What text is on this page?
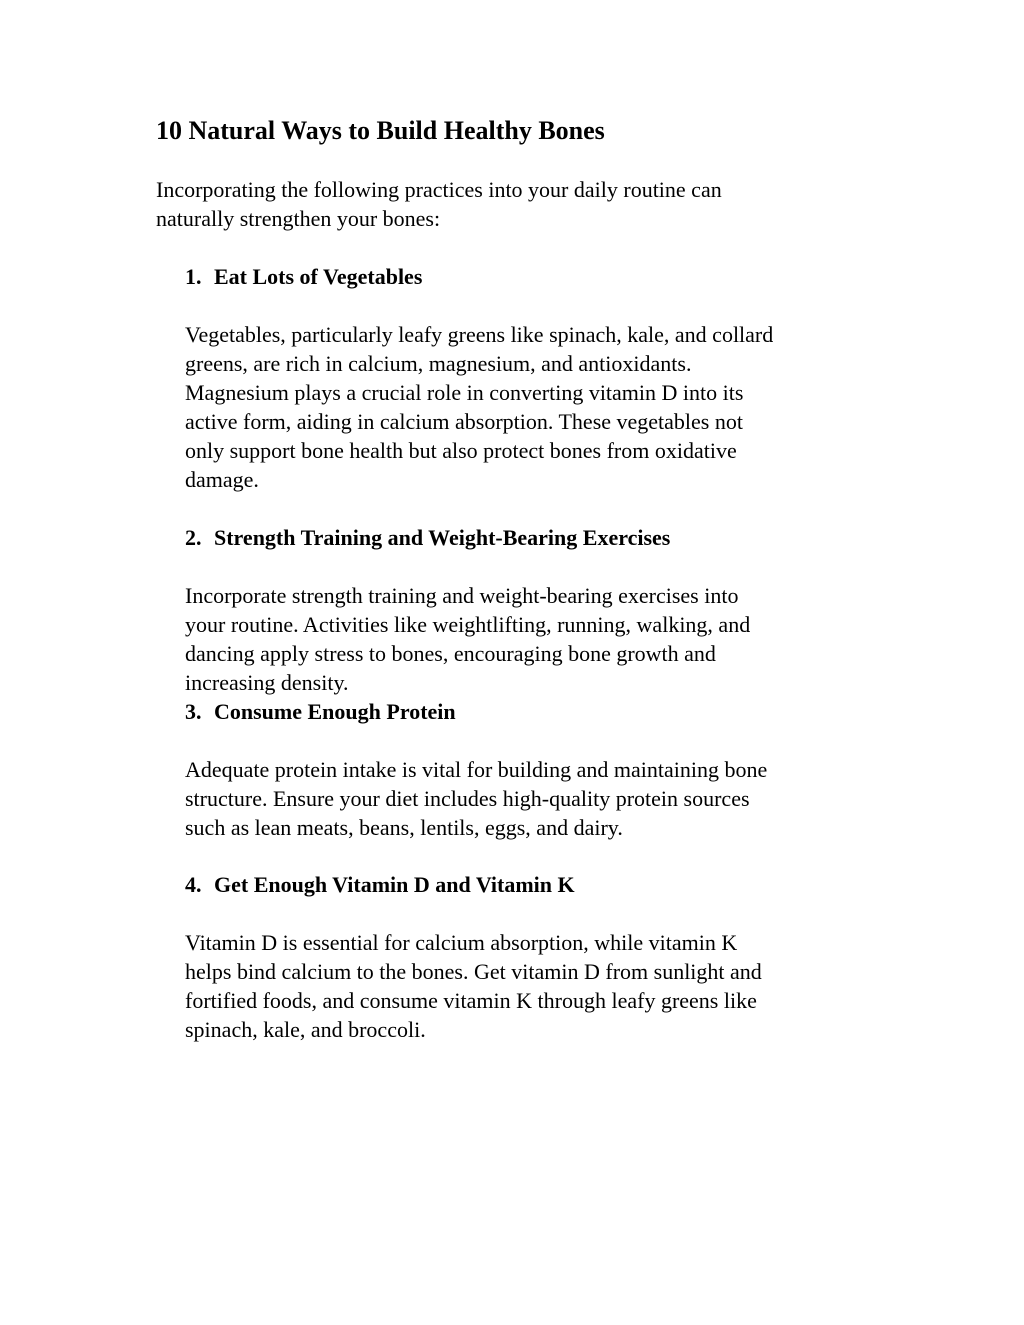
10 Natural Ways to Build Healthy Bones

Incorporating the following practices into your daily routine can
naturally strengthen your bones:

1. Eat Lots of Vegetables

Vegetables, particularly leafy greens like spinach, kale, and collard
greens, are rich in calcium, magnesium, and antioxidants.
Magnesium plays a crucial role in converting vitamin D into its
active form, aiding in calcium absorption. These vegetables not
only support bone health but also protect bones from oxidative
damage.

2. Strength Training and Weight-Bearing Exercises

Incorporate strength training and weight-bearing exercises into
your routine. Activities like weightlifting, running, walking, and
dancing apply stress to bones, encouraging bone growth and
increasing density.

3. Consume Enough Protein

Adequate protein intake is vital for building and maintaining bone
structure. Ensure your diet includes high-quality protein sources
such as lean meats, beans, lentils, eggs, and dairy.

4. Get Enough Vitamin D and Vitamin K

Vitamin D is essential for calcium absorption, while vitamin K
helps bind calcium to the bones. Get vitamin D from sunlight and
fortified foods, and consume vitamin K through leafy greens like
spinach, kale, and broccoli.
